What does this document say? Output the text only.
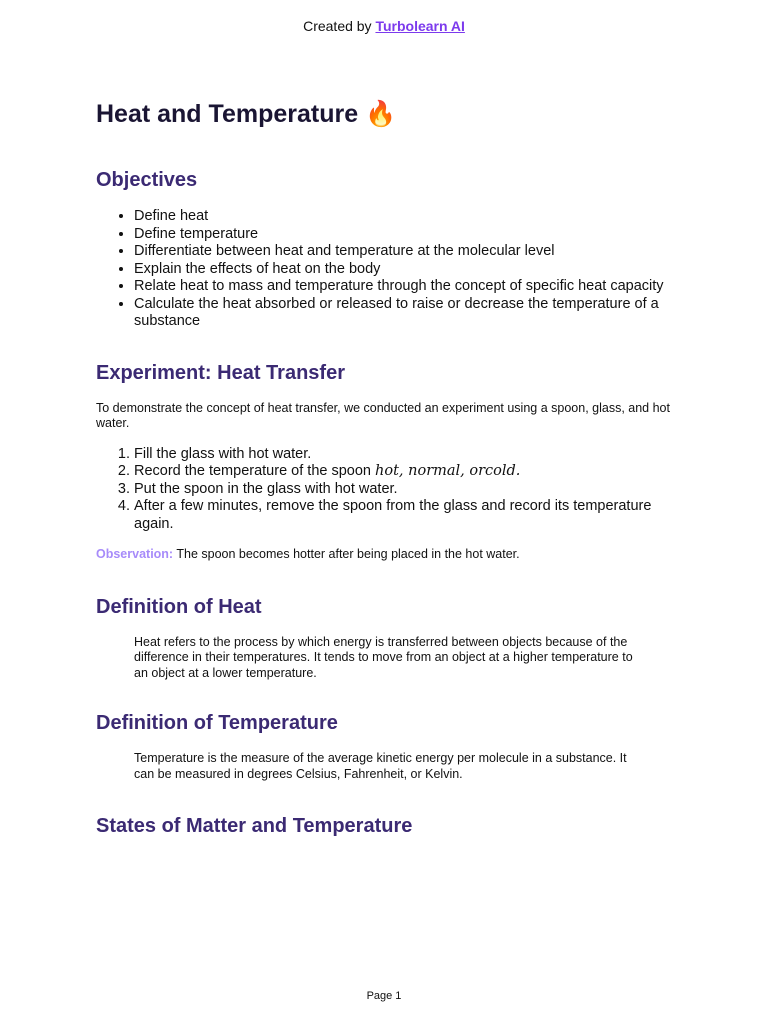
Created by Turbolearn AI
Heat and Temperature 🔥
Objectives
• Define heat
• Define temperature
• Differentiate between heat and temperature at the molecular level
• Explain the effects of heat on the body
• Relate heat to mass and temperature through the concept of specific heat capacity
• Calculate the heat absorbed or released to raise or decrease the temperature of a substance
Experiment: Heat Transfer

To demonstrate the concept of heat transfer, we conducted an experiment using a spoon, glass, and hot water.

1. Fill the glass with hot water.
2. Record the temperature of the spoon hot, normal, orcold.
3. Put the spoon in the glass with hot water.
4. After a few minutes, remove the spoon from the glass and record its temperature again.

Observation: The spoon becomes hotter after being placed in the hot water.

Definition of Heat
Heat refers to the process by which energy is transferred between objects because of the difference in their temperatures. It tends to move from an object at a higher temperature to an object at a lower temperature.
Definition of Temperature
Temperature is the measure of the average kinetic energy per molecule in a substance. It can be measured in degrees Celsius, Fahrenheit, or Kelvin.
States of Matter and Temperature
Page 1
